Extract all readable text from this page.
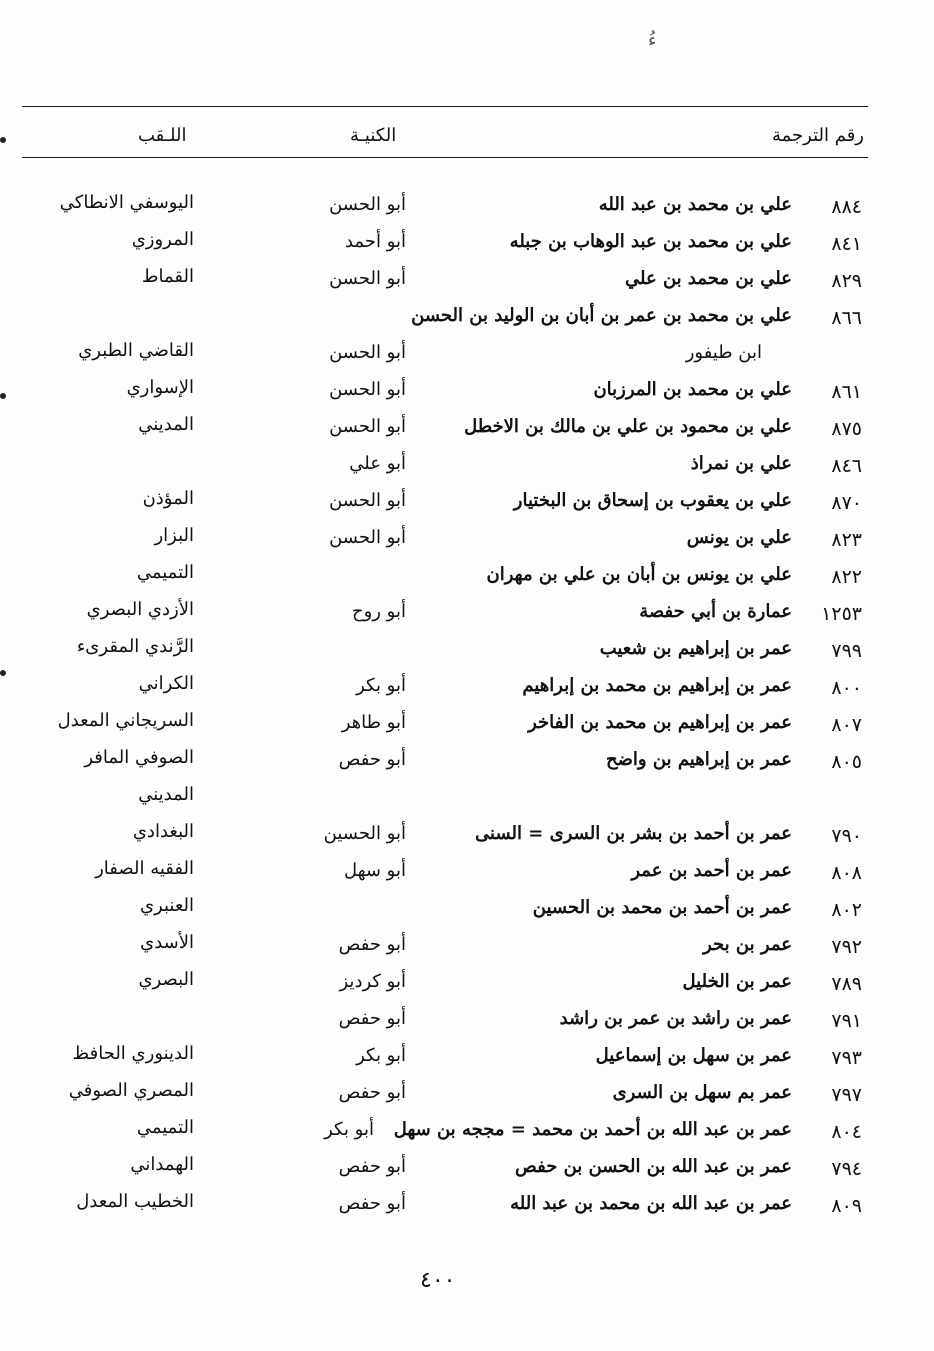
ءُ
رقم الترجمة
الكنيـة
اللـقب
٨٨٤
علي بن محمد بن عبد الله
أبو الحسن
اليوسفي الانطاكي
٨٤١
علي بن محمد بن عبد الوهاب بن جبله
أبو أحمد
المروزي
٨٢٩
علي بن محمد بن علي
أبو الحسن
القماط
٨٦٦
علي بن محمد بن عمر بن أبان بن الوليد بن الحسن
ابن طيفور
أبو الحسن
القاضي الطبري
٨٦١
علي بن محمد بن المرزبان
أبو الحسن
الإسواري
٨٧٥
علي بن محمود بن علي بن مالك بن الاخطل
أبو الحسن
المديني
٨٤٦
علي بن نمراذ
أبو علي
٨٧٠
علي بن يعقوب بن إسحاق بن البختيار
أبو الحسن
المؤذن
٨٢٣
علي بن يونس
أبو الحسن
البزار
٨٢٢
علي بن يونس بن أبان بن علي بن مهران
التميمي
١٢٥٣
عمارة بن أبي حفصة
أبو روح
الأزدي البصري
٧٩٩
عمر بن إبراهيم بن شعيب
الرَّندي المقرىء
٨٠٠
عمر بن إبراهيم بن محمد بن إبراهيم
أبو بكر
الكراني
٨٠٧
عمر بن إبراهيم بن محمد بن الفاخر
أبو طاهر
السريجاني المعدل
٨٠٥
عمر بن إبراهيم بن واضح
أبو حفص
الصوفي المافر
المديني
٧٩٠
عمر بن أحمد بن بشر بن السرى = السنى
أبو الحسين
البغدادي
٨٠٨
عمر بن أحمد بن عمر
أبو سهل
الفقيه الصفار
٨٠٢
عمر بن أحمد بن محمد بن الحسين
العنبري
٧٩٢
عمر بن بحر
أبو حفص
الأسدي
٧٨٩
عمر بن الخليل
أبو كرديز
البصري
٧٩١
عمر بن راشد بن عمر بن راشد
أبو حفص
٧٩٣
عمر بن سهل بن إسماعيل
أبو بكر
الدينوري الحافظ
٧٩٧
عمر بم سهل بن السرى
أبو حفص
المصري الصوفي
٨٠٤
عمر بن عبد الله بن أحمد بن محمد = مججه بن سهل
أبو بكر
التميمي
٧٩٤
عمر بن عبد الله بن الحسن بن حفص
أبو حفص
الهمداني
٨٠٩
عمر بن عبد الله بن محمد بن عبد الله
أبو حفص
الخطيب المعدل
٤٠٠
